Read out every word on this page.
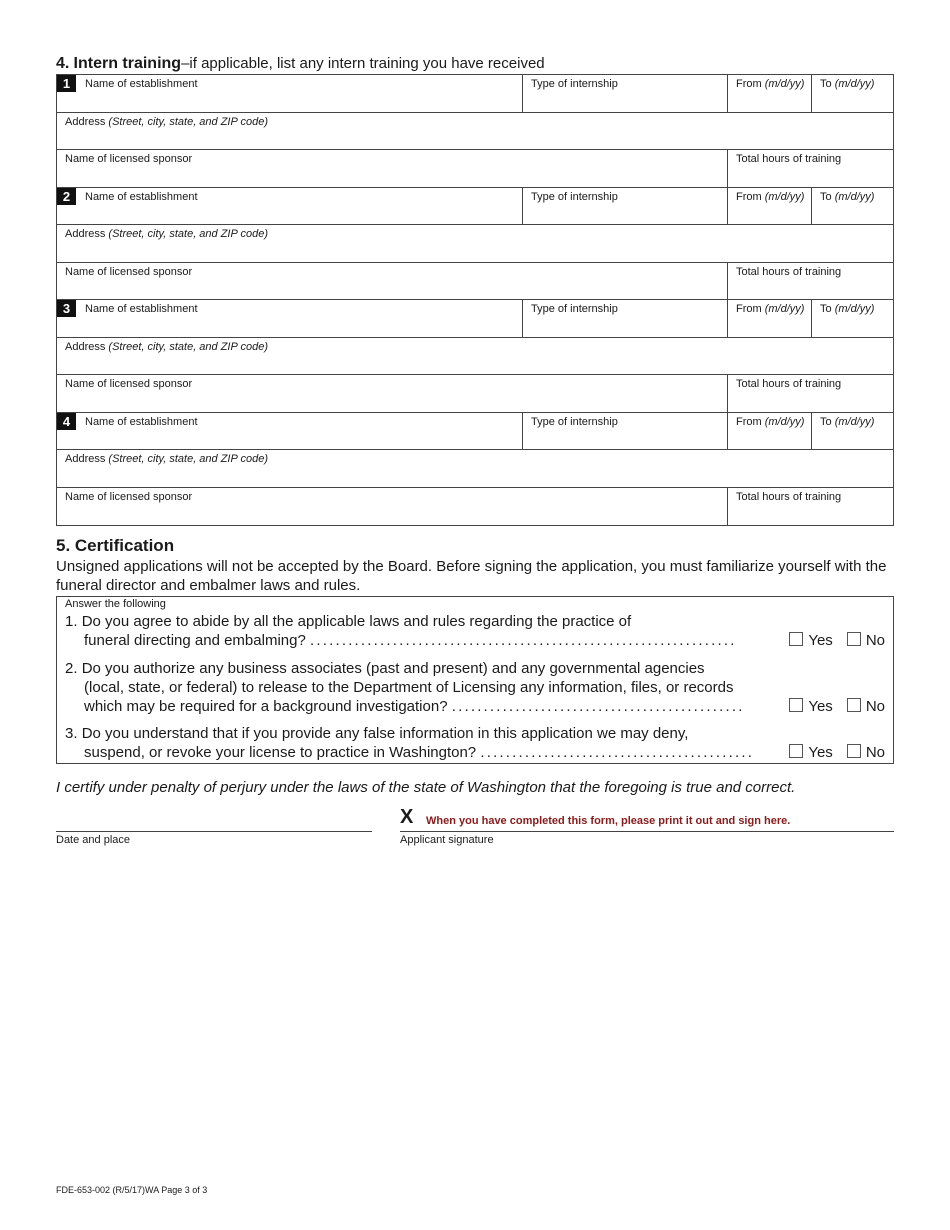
4. Intern training–if applicable, list any intern training you have received
1	Name of establishment	Type of internship	From (m/d/yy)	To (m/d/yy)
Address (Street, city, state, and ZIP code)
Name of licensed sponsor	Total hours of training
2	Name of establishment	Type of internship	From (m/d/yy)	To (m/d/yy)
Address (Street, city, state, and ZIP code)
Name of licensed sponsor	Total hours of training
3	Name of establishment	Type of internship	From (m/d/yy)	To (m/d/yy)
Address (Street, city, state, and ZIP code)
Name of licensed sponsor	Total hours of training
4	Name of establishment	Type of internship	From (m/d/yy)	To (m/d/yy)
Address (Street, city, state, and ZIP code)
Name of licensed sponsor	Total hours of training
5. Certification
Unsigned applications will not be accepted by the Board. Before signing the application, you must familiarize yourself with the funeral director and embalmer laws and rules.
Answer the following
1. Do you agree to abide by all the applicable laws and rules regarding the practice of
funeral directing and embalming? ...................................................................	Yes No
2. Do you authorize any business associates (past and present) and any governmental agencies
(local, state, or federal) to release to the Department of Licensing any information, files, or records
which may be required for a background investigation? ..............................................	Yes No
3. Do you understand that if you provide any false information in this application we may deny,
suspend, or revoke your license to practice in Washington? ...........................................	Yes No
I certify under penalty of perjury under the laws of the state of Washington that the foregoing is true and correct.
X When you have completed this form, please print it out and sign here.
Date and place	Applicant signature
FDE-653-002 (R/5/17)WA Page 3 of 3
